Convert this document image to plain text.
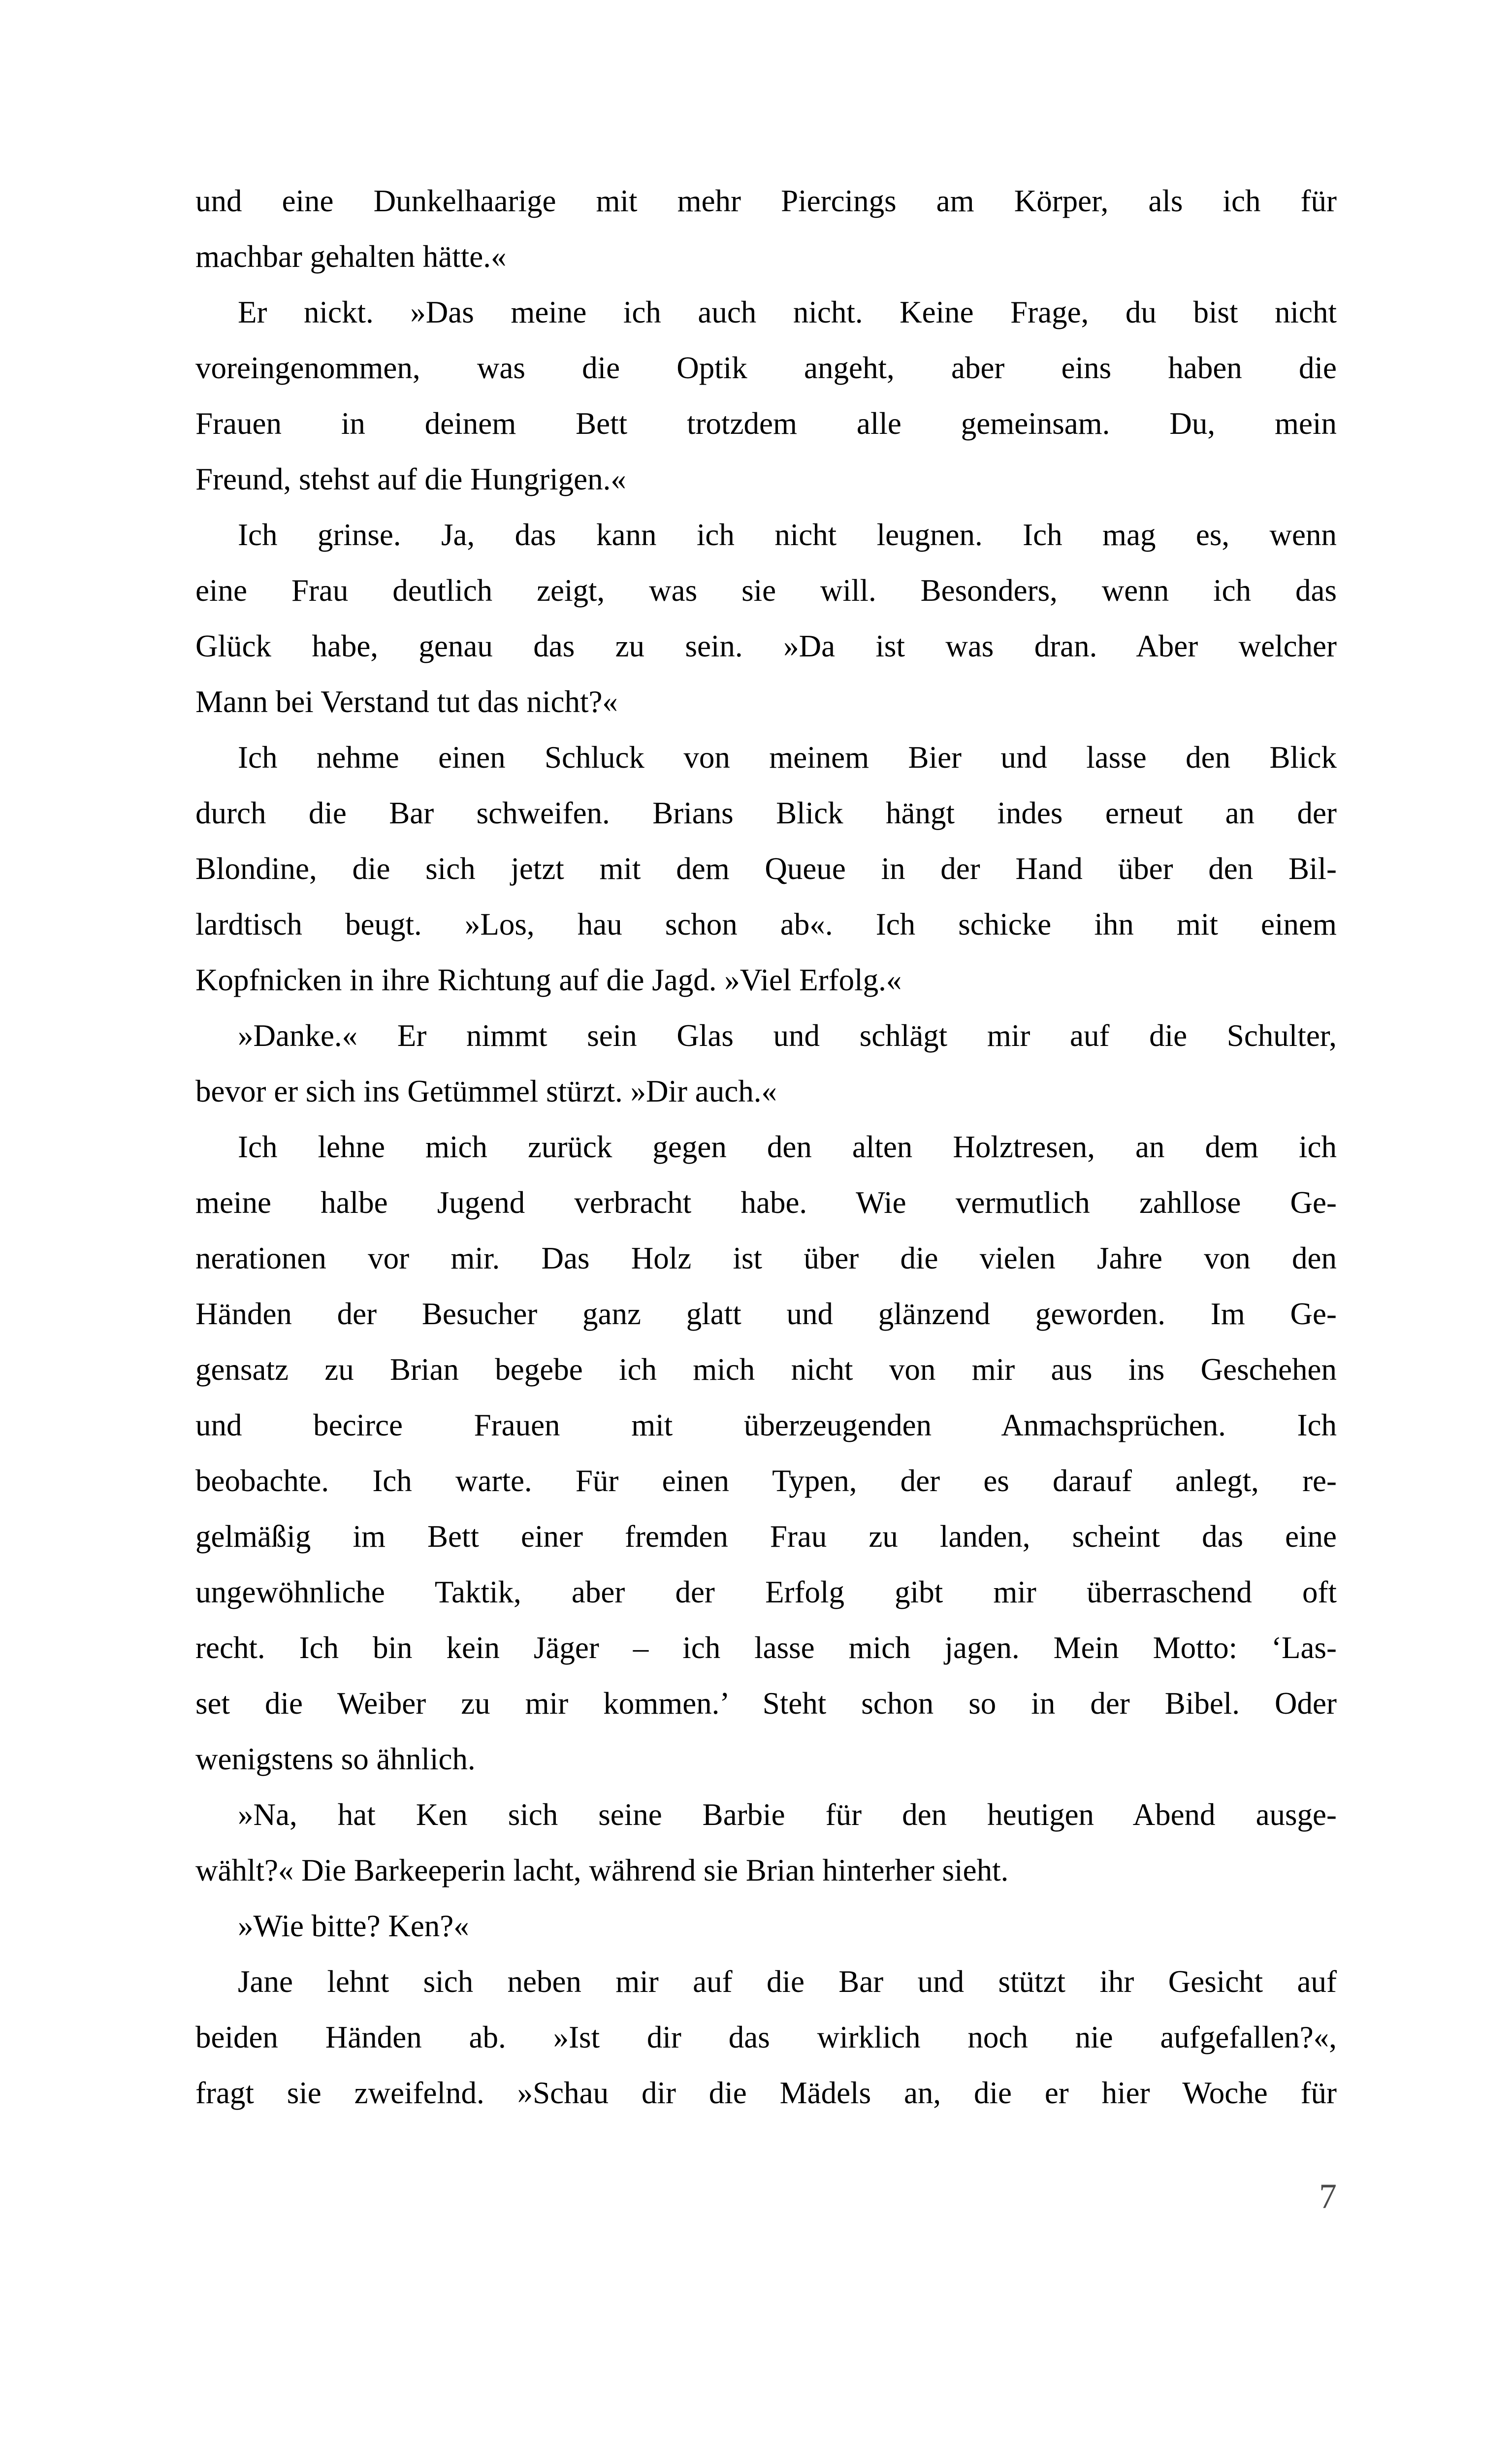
und eine Dunkelhaarige mit mehr Piercings am Körper, als ich für
machbar gehalten hätte.«
Er nickt. »Das meine ich auch nicht. Keine Frage, du bist nicht
voreingenommen, was die Optik angeht, aber eins haben die
Frauen in deinem Bett trotzdem alle gemeinsam. Du, mein
Freund, stehst auf die Hungrigen.«
Ich grinse. Ja, das kann ich nicht leugnen. Ich mag es, wenn
eine Frau deutlich zeigt, was sie will. Besonders, wenn ich das
Glück habe, genau das zu sein. »Da ist was dran. Aber welcher
Mann bei Verstand tut das nicht?«
Ich nehme einen Schluck von meinem Bier und lasse den Blick
durch die Bar schweifen. Brians Blick hängt indes erneut an der
Blondine, die sich jetzt mit dem Queue in der Hand über den Bil-
lardtisch beugt. »Los, hau schon ab«. Ich schicke ihn mit einem
Kopfnicken in ihre Richtung auf die Jagd. »Viel Erfolg.«
»Danke.« Er nimmt sein Glas und schlägt mir auf die Schulter,
bevor er sich ins Getümmel stürzt. »Dir auch.«
Ich lehne mich zurück gegen den alten Holztresen, an dem ich
meine halbe Jugend verbracht habe. Wie vermutlich zahllose Ge-
nerationen vor mir. Das Holz ist über die vielen Jahre von den
Händen der Besucher ganz glatt und glänzend geworden. Im Ge-
gensatz zu Brian begebe ich mich nicht von mir aus ins Geschehen
und becirce Frauen mit überzeugenden Anmachsprüchen. Ich
beobachte. Ich warte. Für einen Typen, der es darauf anlegt, re-
gelmäßig im Bett einer fremden Frau zu landen, scheint das eine
ungewöhnliche Taktik, aber der Erfolg gibt mir überraschend oft
recht. Ich bin kein Jäger – ich lasse mich jagen. Mein Motto: ‘Las-
set die Weiber zu mir kommen.’ Steht schon so in der Bibel. Oder
wenigstens so ähnlich.
»Na, hat Ken sich seine Barbie für den heutigen Abend ausge-
wählt?« Die Barkeeperin lacht, während sie Brian hinterher sieht.
»Wie bitte? Ken?«
Jane lehnt sich neben mir auf die Bar und stützt ihr Gesicht auf
beiden Händen ab. »Ist dir das wirklich noch nie aufgefallen?«,
fragt sie zweifelnd. »Schau dir die Mädels an, die er hier Woche für
7
